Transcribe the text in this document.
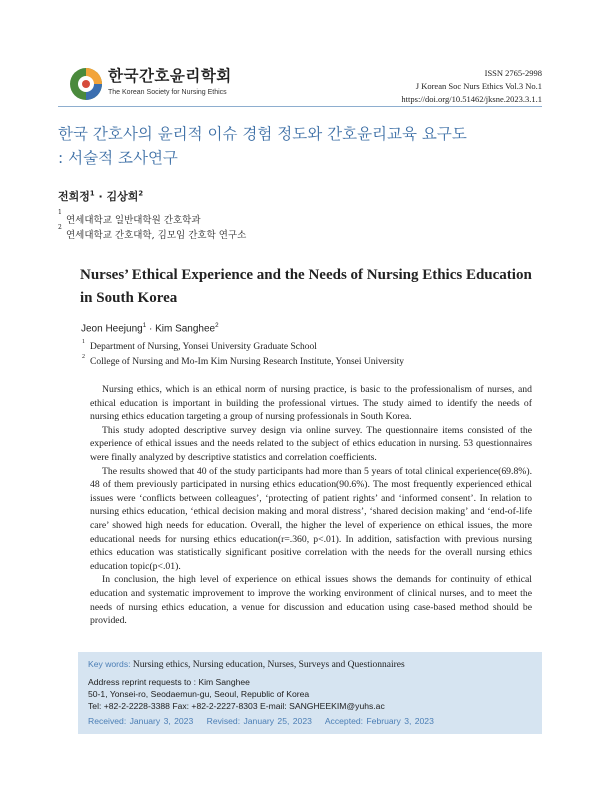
한국간호윤리학회
The Korean Society for Nursing Ethics
ISSN 2765-2998
J Korean Soc Nurs Ethics Vol.3 No.1
https://doi.org/10.51462/jksne.2023.3.1.1
한국 간호사의 윤리적 이슈 경험 정도와 간호윤리교육 요구도
: 서술적 조사연구
전희정$^1$ · 김상희$^2$
1
연세대학교 일반대학원 간호학과
2
연세대학교 간호대학, 김모임 간호학 연구소
Nurses’ Ethical Experience and the Needs of Nursing Ethics Education
in South Korea
Jeon Heejung$^1$ · Kim Sanghee$^2$
1 Department of Nursing, Yonsei University Graduate School
2 College of Nursing and Mo-Im Kim Nursing Research Institute, Yonsei University

Nursing ethics, which is an ethical norm of nursing practice, is basic to the professionalism of nurses, and ethical education is important in building the professional virtues. The study aimed to identify the needs of nursing ethics education targeting a group of nursing professionals in South Korea.

This study adopted descriptive survey design via online survey. The questionnaire items consisted of the experience of ethical issues and the needs related to the subject of ethics education in nursing. 53 questionnaires were finally analyzed by descriptive statistics and correlation coefficients.

The results showed that 40 of the study participants had more than 5 years of total clinical experience(69.8%). 48 of them previously participated in nursing ethics education(90.6%). The most frequently experienced ethical issues were ‘conflicts between colleagues’, ‘protecting of patient rights’ and ‘informed consent’. In relation to nursing ethics education, ‘ethical decision making and moral distress’, ‘shared decision making’ and ‘end-of-life care’ showed high needs for education. Overall, the higher the level of experience on ethical issues, the more educational needs for nursing ethics education(r=.360, p<.01). In addition, satisfaction with previous nursing ethics education was statistically significant positive correlation with the needs for the overall nursing ethics education topic(p<.01).

In conclusion, the high level of experience on ethical issues shows the demands for continuity of ethical education and systematic improvement to improve the working environment of clinical nurses, and to meet the needs of nursing ethics education, a venue for discussion and education using case-based method should be provided.

Key words: Nursing ethics, Nursing education, Nurses, Surveys and Questionnaires
Address reprint requests to : Kim Sanghee
50-1, Yonsei-ro, Seodaemun-gu, Seoul, Republic of Korea
Tel: +82-2-2228-3388 Fax: +82-2-2227-8303 E-mail: SANGHEEKIM@yuhs.ac
Received: January 3, 2023 Revised: January 25, 2023 Accepted: February 3, 2023
